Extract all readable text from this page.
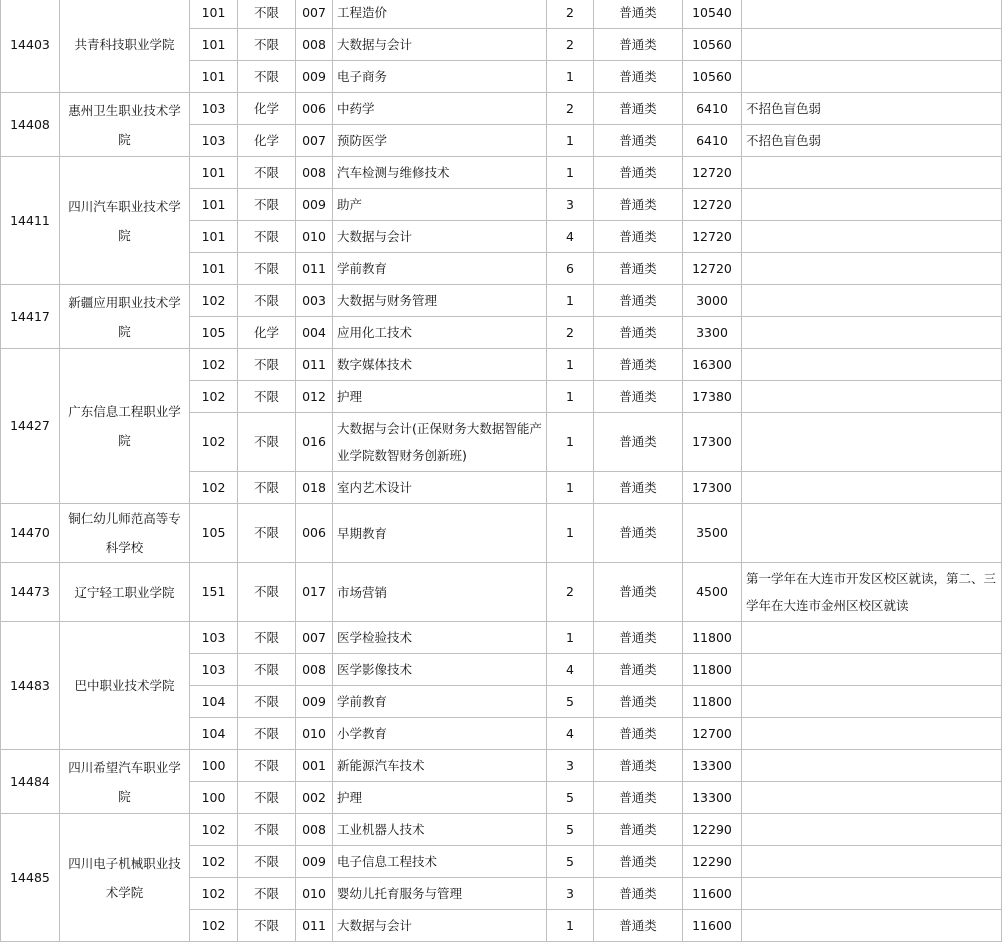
14403	共青科技职业学院	101	不限	007	工程造价	2	普通类	10540	
		101	不限	008	大数据与会计	2	普通类	10560	
		101	不限	009	电子商务	1	普通类	10560	
14408	惠州卫生职业技术学院	103	化学	006	中药学	2	普通类	6410	不招色盲色弱
		103	化学	007	预防医学	1	普通类	6410	不招色盲色弱
14411	四川汽车职业技术学院	101	不限	008	汽车检测与维修技术	1	普通类	12720	
		101	不限	009	助产	3	普通类	12720	
		101	不限	010	大数据与会计	4	普通类	12720	
		101	不限	011	学前教育	6	普通类	12720	
14417	新疆应用职业技术学院	102	不限	003	大数据与财务管理	1	普通类	3000	
		105	化学	004	应用化工技术	2	普通类	3300	
14427	广东信息工程职业学院	102	不限	011	数字媒体技术	1	普通类	16300	
		102	不限	012	护理	1	普通类	17380	
		102	不限	016	大数据与会计(正保财务大数据智能产业学院数智财务创新班)	1	普通类	17300	
		102	不限	018	室内艺术设计	1	普通类	17300	
14470	铜仁幼儿师范高等专科学校	105	不限	006	早期教育	1	普通类	3500	
14473	辽宁轻工职业学院	151	不限	017	市场营销	2	普通类	4500	第一学年在大连市开发区校区就读，第二、三学年在大连市金州区校区就读
14483	巴中职业技术学院	103	不限	007	医学检验技术	1	普通类	11800	
		103	不限	008	医学影像技术	4	普通类	11800	
		104	不限	009	学前教育	5	普通类	11800	
		104	不限	010	小学教育	4	普通类	12700	
14484	四川希望汽车职业学院	100	不限	001	新能源汽车技术	3	普通类	13300	
		100	不限	002	护理	5	普通类	13300	
14485	四川电子机械职业技术学院	102	不限	008	工业机器人技术	5	普通类	12290	
		102	不限	009	电子信息工程技术	5	普通类	12290	
		102	不限	010	婴幼儿托育服务与管理	3	普通类	11600	
		102	不限	011	大数据与会计	1	普通类	11600	
